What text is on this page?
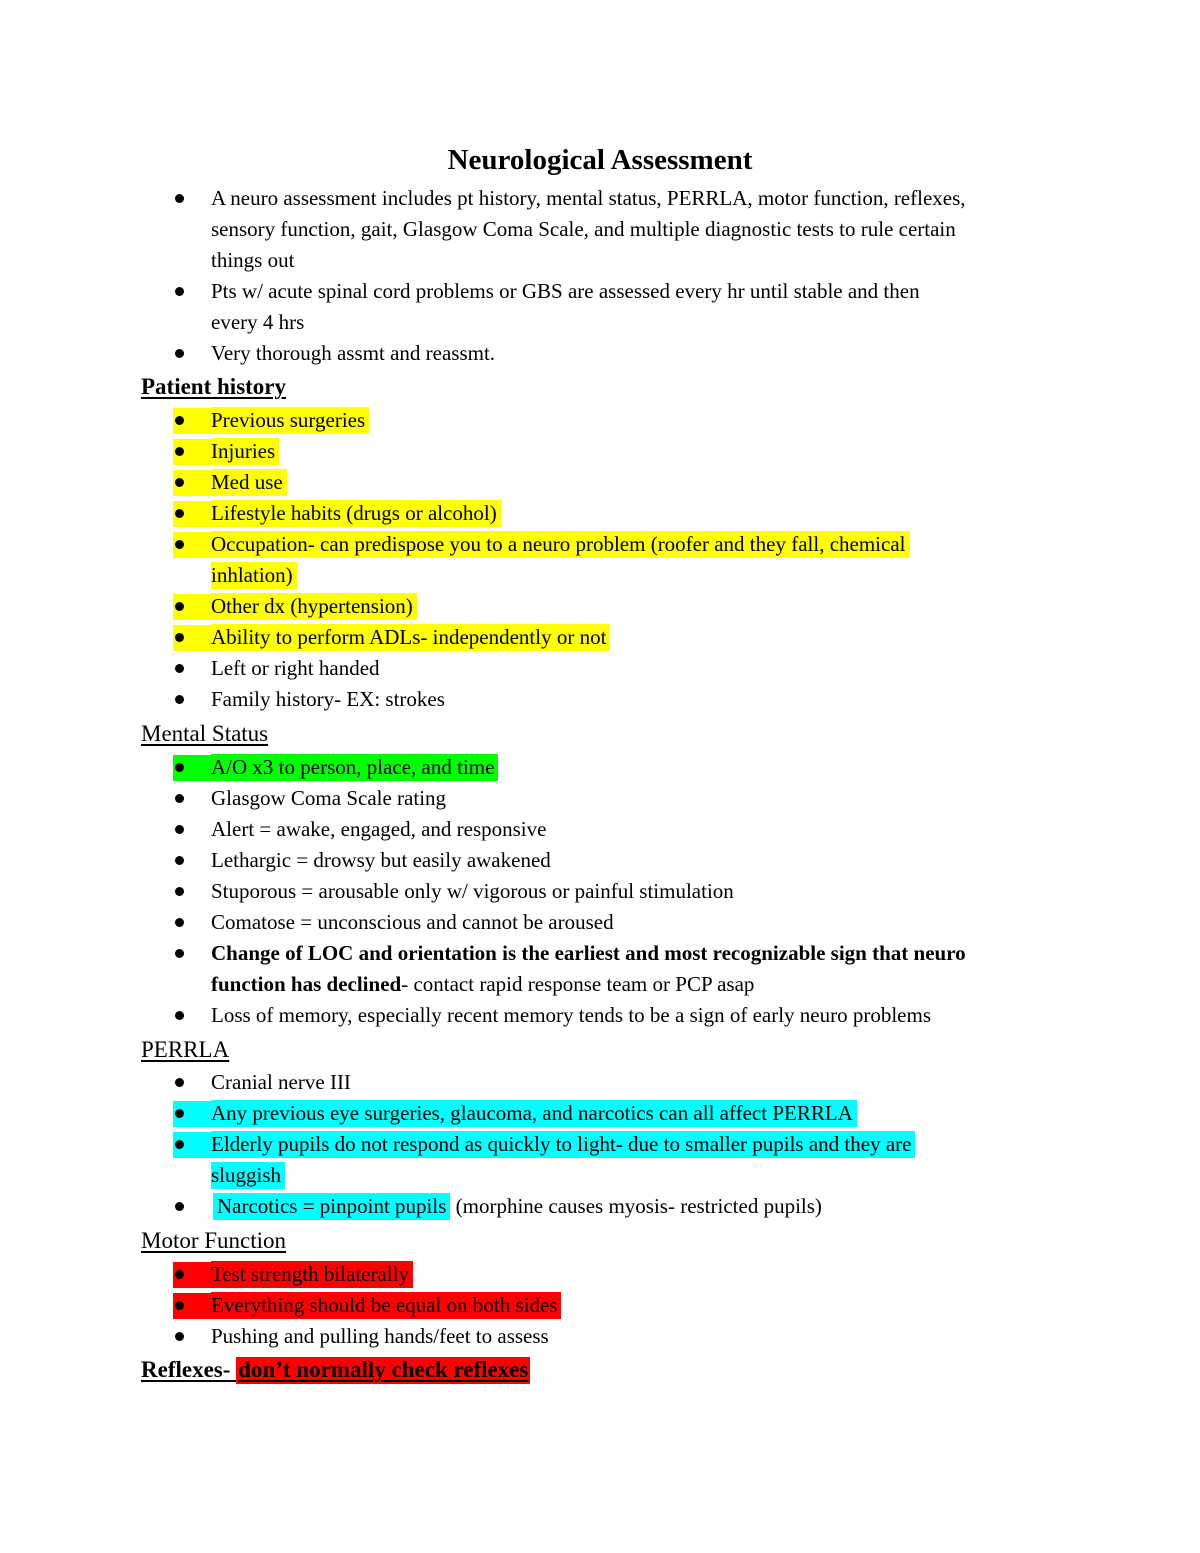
Neurological Assessment
A neuro assessment includes pt history, mental status, PERRLA, motor function, reflexes,
sensory function, gait, Glasgow Coma Scale, and multiple diagnostic tests to rule certain
things out
Pts w/ acute spinal cord problems or GBS are assessed every hr until stable and then
every 4 hrs
Very thorough assmt and reassmt.
Patient history
Previous surgeries
Injuries
Med use
Lifestyle habits (drugs or alcohol)
Occupation- can predispose you to a neuro problem (roofer and they fall, chemical
inhlation)
Other dx (hypertension)
Ability to perform ADLs- independently or not
Left or right handed
Family history- EX: strokes
Mental Status
A/O x3 to person, place, and time
Glasgow Coma Scale rating
Alert = awake, engaged, and responsive
Lethargic = drowsy but easily awakened
Stuporous = arousable only w/ vigorous or painful stimulation
Comatose = unconscious and cannot be aroused
Change of LOC and orientation is the earliest and most recognizable sign that neuro
function has declined- contact rapid response team or PCP asap
Loss of memory, especially recent memory tends to be a sign of early neuro problems
PERRLA
Cranial nerve III
Any previous eye surgeries, glaucoma, and narcotics can all affect PERRLA
Elderly pupils do not respond as quickly to light- due to smaller pupils and they are
sluggish
Narcotics = pinpoint pupils (morphine causes myosis- restricted pupils)
Motor Function
Test strength bilaterally
Everything should be equal on both sides
Pushing and pulling hands/feet to assess
Reflexes- don’t normally check reflexes
